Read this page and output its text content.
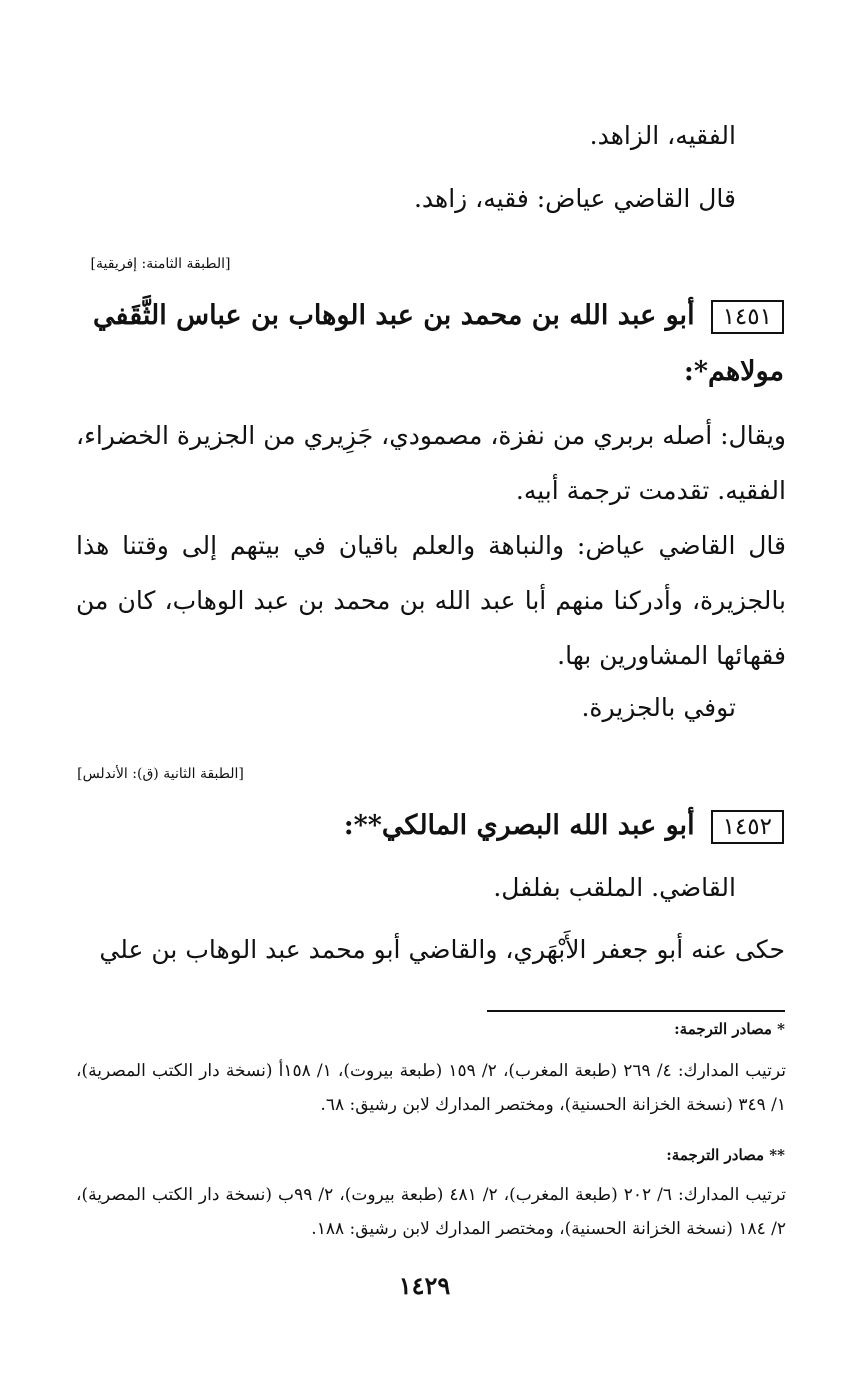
الفقيه، الزاهد.
قال القاضي عياض: فقيه، زاهد.
[الطبقة الثامنة: إفريقية]
١٤٥١أبو عبد الله بن محمد بن عبد الوهاب بن عباس الثَّقَفي
مولاهم*:
ويقال: أصله بربري من نفزة، مصمودي، جَزِيري من الجزيرة الخضراء، الفقيه. تقدمت ترجمة أبيه.
قال القاضي عياض: والنباهة والعلم باقيان في بيتهم إلى وقتنا هذا بالجزيرة، وأدركنا منهم أبا عبد الله بن محمد بن عبد الوهاب، كان من فقهائها المشاورين بها.
توفي بالجزيرة.
[الطبقة الثانية (ق): الأندلس]
١٤٥٢أبو عبد الله البصري المالكي**:
القاضي. الملقب بفلفل.
حكى عنه أبو جعفر الأَبْهَري، والقاضي أبو محمد عبد الوهاب بن علي
* مصادر الترجمة:
ترتيب المدارك: ٤/ ٢٦٩ (طبعة المغرب)، ٢/ ١٥٩ (طبعة بيروت)، ١/ ١٥٨أ (نسخة دار الكتب المصرية)، ١/ ٣٤٩ (نسخة الخزانة الحسنية)، ومختصر المدارك لابن رشيق: ٦٨.
** مصادر الترجمة:
ترتيب المدارك: ٦/ ٢٠٢ (طبعة المغرب)، ٢/ ٤٨١ (طبعة بيروت)، ٢/ ٩٩ب (نسخة دار الكتب المصرية)، ٢/ ١٨٤ (نسخة الخزانة الحسنية)، ومختصر المدارك لابن رشيق: ١٨٨.
١٤٢٩
